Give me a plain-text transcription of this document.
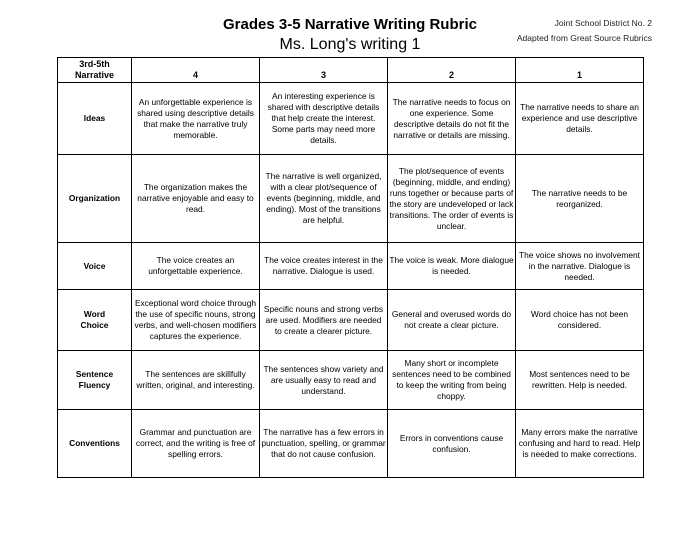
Grades 3-5 Narrative Writing Rubric
Ms. Long's writing 1
Joint School District No. 2
Adapted from Great Source Rubrics
3rd-5th
Narrative	4	3	2	1
Ideas	An unforgettable experience is shared using descriptive details that make the narrative truly memorable.	An interesting experience is shared with descriptive details that help create the interest. Some parts may need more details.	The narrative needs to focus on one experience. Some descriptive details do not fit the narrative or details are missing.	The narrative needs to share an experience and use descriptive details.
Organization	The organization makes the narrative enjoyable and easy to read.	The narrative is well organized, with a clear plot/sequence of events (beginning, middle, and ending). Most of the transitions are helpful.	The plot/sequence of events (beginning, middle, and ending) runs together or because parts of the story are undeveloped or lack transitions. The order of events is unclear.	The narrative needs to be reorganized.
Voice	The voice creates an unforgettable experience.	The voice creates interest in the narrative. Dialogue is used.	The voice is weak. More dialogue is needed.	The voice shows no involvement in the narrative. Dialogue is needed.
Word
Choice	Exceptional word choice through the use of specific nouns, strong verbs, and well-chosen modifiers captures the experience.	Specific nouns and strong verbs are used. Modifiers are needed to create a clearer picture.	General and overused words do not create a clear picture.	Word choice has not been considered.
Sentence
Fluency	The sentences are skillfully written, original, and interesting.	The sentences show variety and are usually easy to read and understand.	Many short or incomplete sentences need to be combined to keep the writing from being choppy.	Most sentences need to be rewritten. Help is needed.
Conventions	Grammar and punctuation are correct, and the writing is free of spelling errors.	The narrative has a few errors in punctuation, spelling, or grammar that do not cause confusion.	Errors in conventions cause confusion.	Many errors make the narrative confusing and hard to read. Help is needed to make corrections.
